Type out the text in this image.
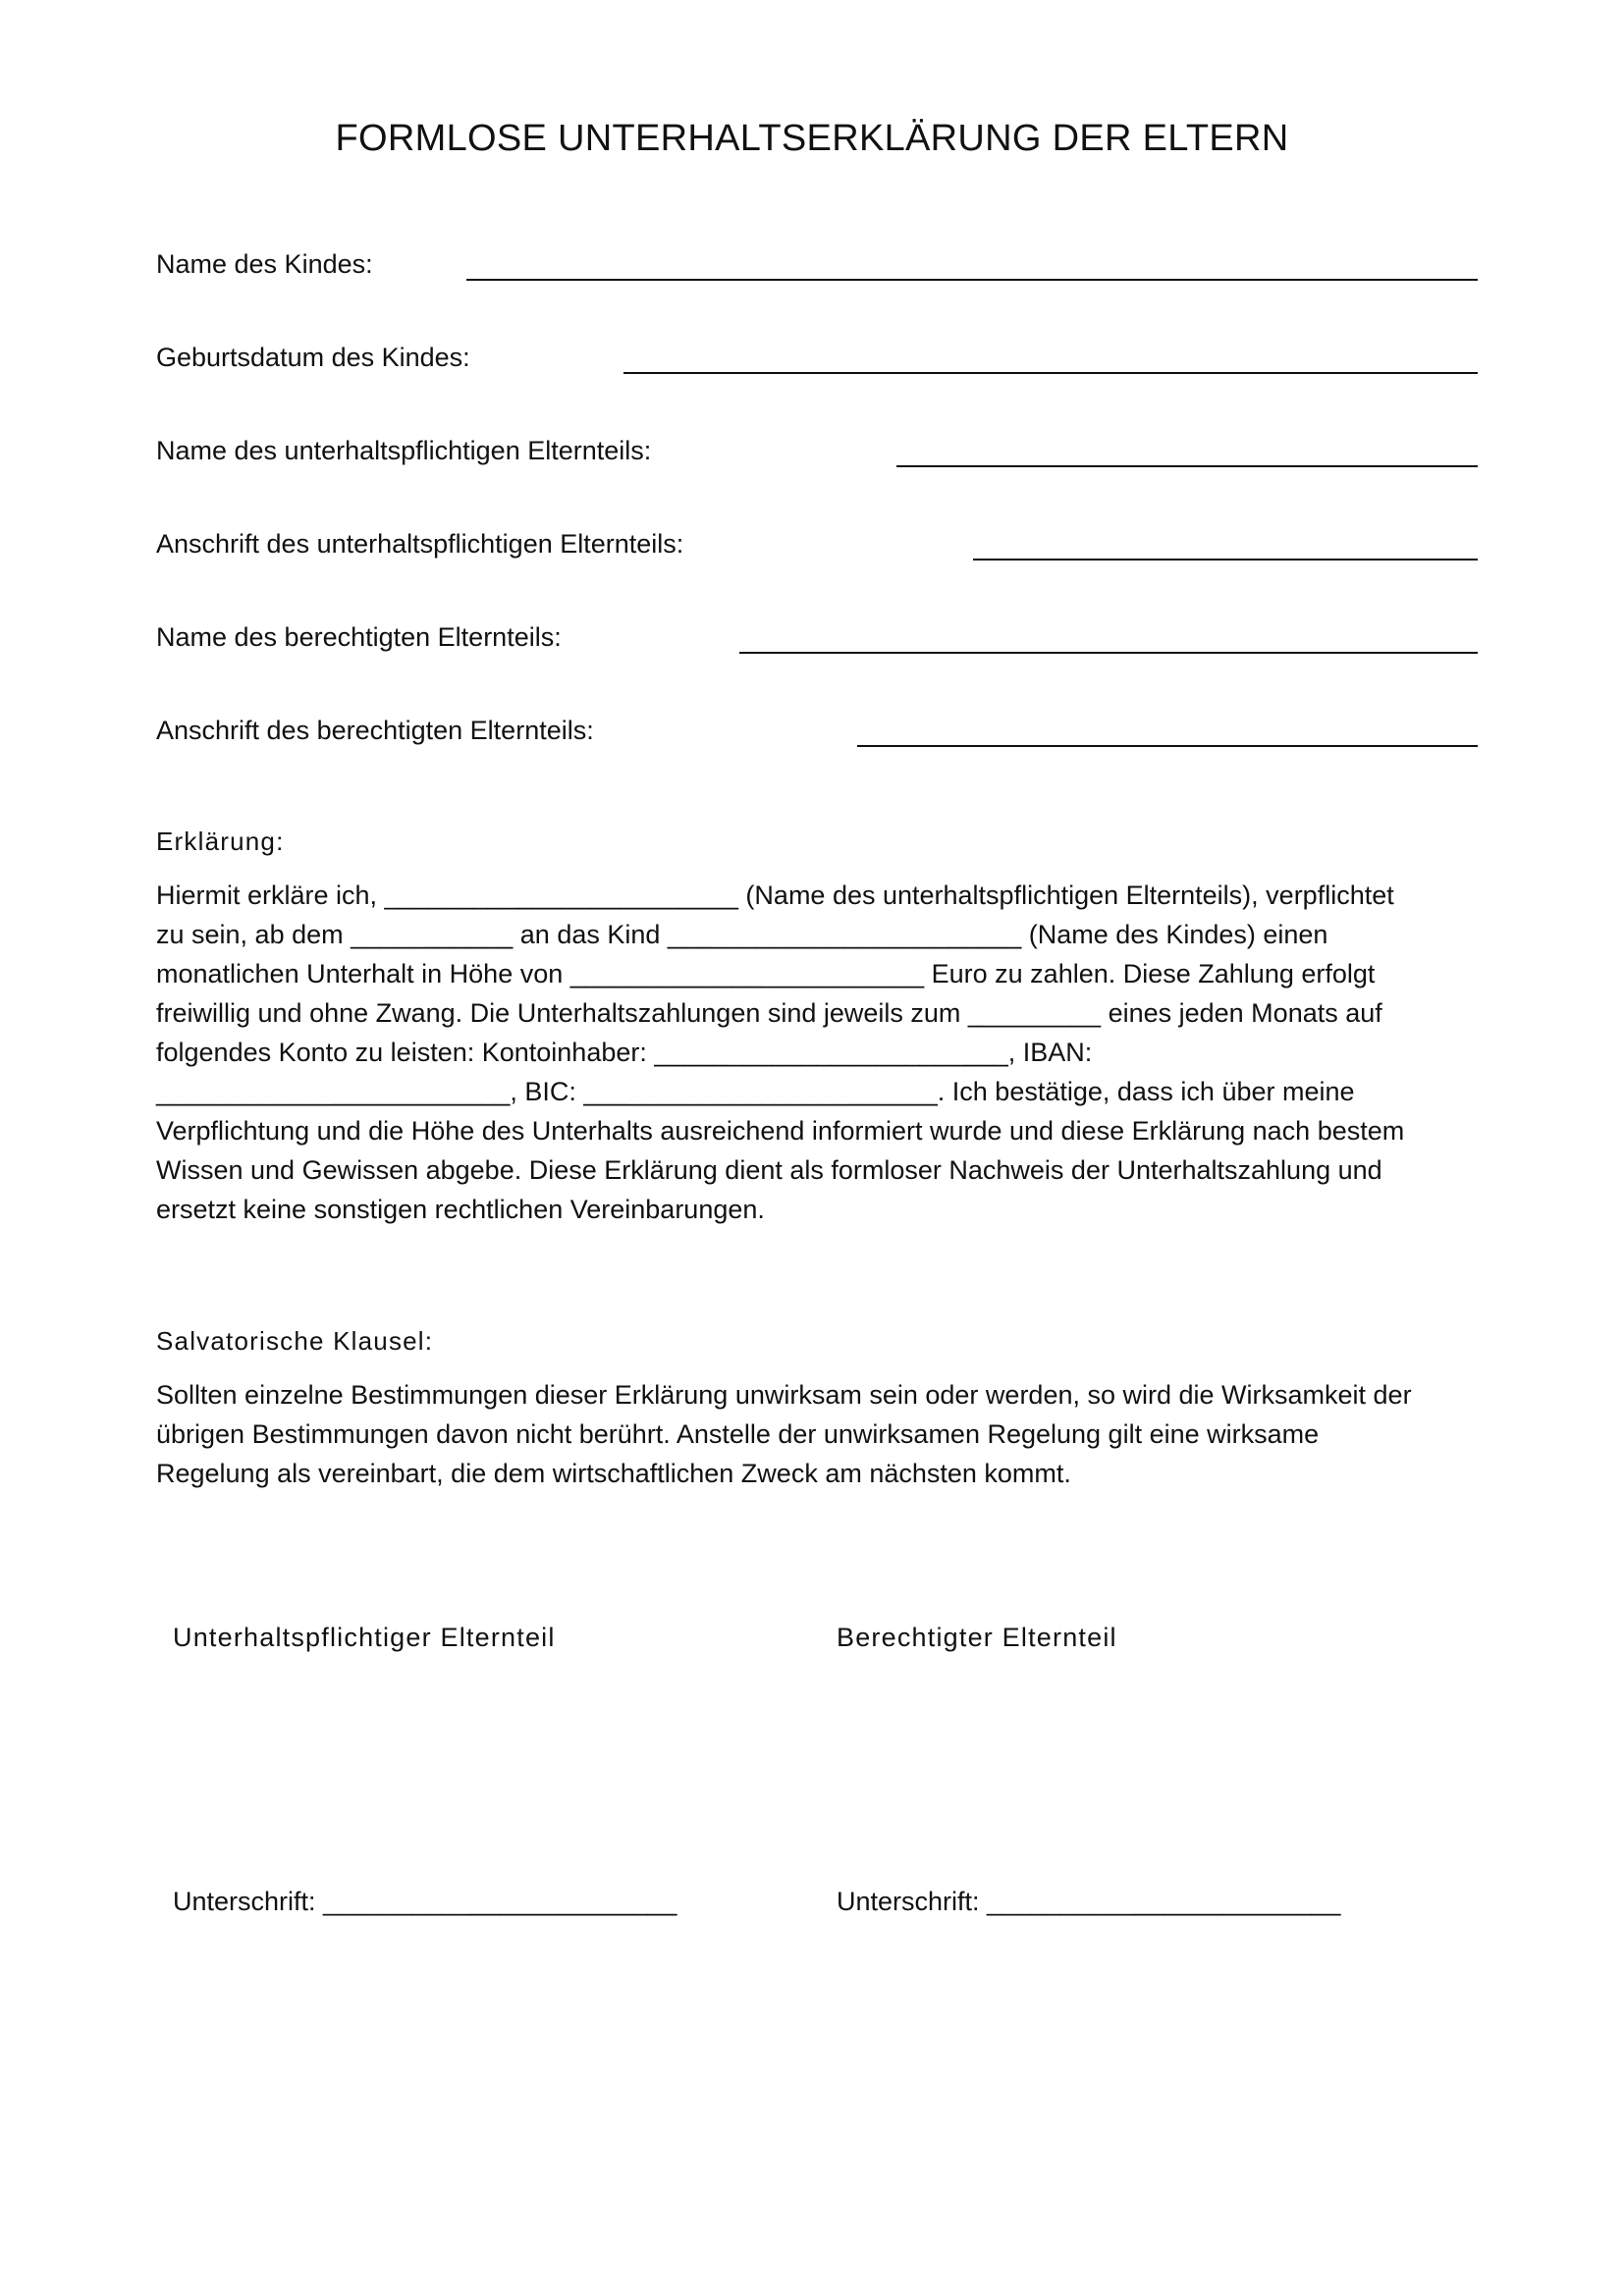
FORMLOSE UNTERHALTSERKLÄRUNG DER ELTERN
Name des Kindes:
Geburtsdatum des Kindes:
Name des unterhaltspflichtigen Elternteils:
Anschrift des unterhaltspflichtigen Elternteils:
Name des berechtigten Elternteils:
Anschrift des berechtigten Elternteils:
Erklärung:

Hiermit erkläre ich, ________________________ (Name des unterhaltspflichtigen Elternteils), verpflichtet
zu sein, ab dem ___________ an das Kind ________________________ (Name des Kindes) einen
monatlichen Unterhalt in Höhe von ________________________ Euro zu zahlen. Diese Zahlung erfolgt
freiwillig und ohne Zwang. Die Unterhaltszahlungen sind jeweils zum _________ eines jeden Monats auf
folgendes Konto zu leisten: Kontoinhaber: ________________________, IBAN:
________________________, BIC: ________________________. Ich bestätige, dass ich über meine
Verpflichtung und die Höhe des Unterhalts ausreichend informiert wurde und diese Erklärung nach bestem
Wissen und Gewissen abgebe. Diese Erklärung dient als formloser Nachweis der Unterhaltszahlung und
ersetzt keine sonstigen rechtlichen Vereinbarungen.

Salvatorische Klausel:

Sollten einzelne Bestimmungen dieser Erklärung unwirksam sein oder werden, so wird die Wirksamkeit der
übrigen Bestimmungen davon nicht berührt. Anstelle der unwirksamen Regelung gilt eine wirksame
Regelung als vereinbart, die dem wirtschaftlichen Zweck am nächsten kommt.

Unterhaltspflichtiger Elternteil	Berechtigter Elternteil
Unterschrift: ________________________	Unterschrift: ________________________
